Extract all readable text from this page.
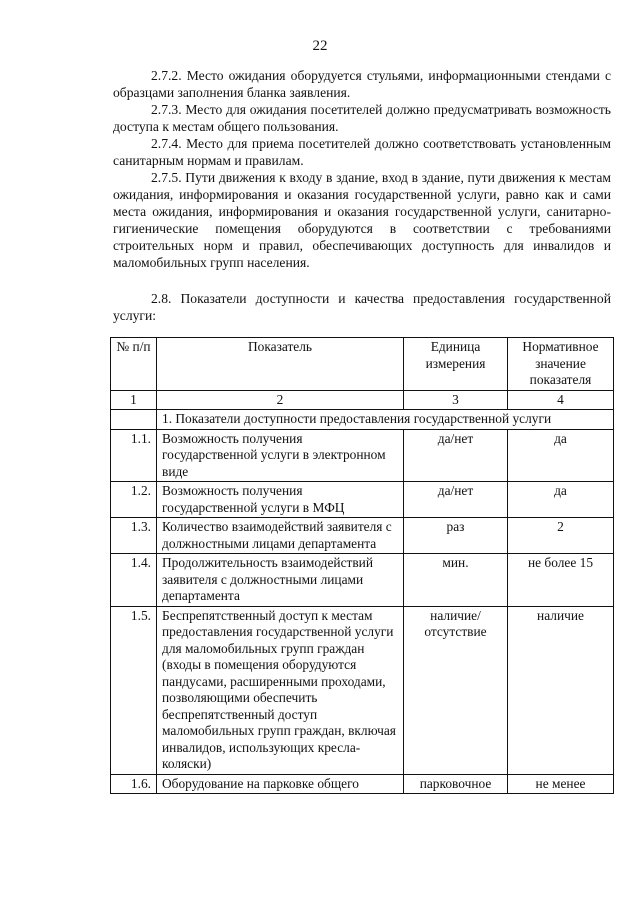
22

2.7.2. Место ожидания оборудуется стульями, информационными стендами с образцами заполнения бланка заявления.

2.7.3. Место для ожидания посетителей должно предусматривать возможность доступа к местам общего пользования.

2.7.4. Место для приема посетителей должно соответствовать установленным санитарным нормам и правилам.

2.7.5. Пути движения к входу в здание, вход в здание, пути движения к местам ожидания, информирования и оказания государственной услуги, равно как и сами места ожидания, информирования и оказания государственной услуги, санитарно-гигиенические помещения оборудуются в соответствии с требованиями строительных норм и правил, обеспечивающих доступность для инвалидов и маломобильных групп населения.

2.8. Показатели доступности и качества предоставления государственной услуги:

№ п/п	Показатель	Единица измерения	Нормативное значение показателя
1	2	3	4
	1. Показатели доступности предоставления государственной услуги		
1.1.	Возможность получения государственной услуги в электронном виде	да/нет	да
1.2.	Возможность получения государственной услуги в МФЦ	да/нет	да
1.3.	Количество взаимодействий заявителя с должностными лицами департамента	раз	2
1.4.	Продолжительность взаимодействий заявителя с должностными лицами департамента	мин.	не более 15
1.5.	Беспрепятственный доступ к местам предоставления государственной услуги для маломобильных групп граждан (входы в помещения оборудуются пандусами, расширенными проходами, позволяющими обеспечить беспрепятственный доступ маломобильных групп граждан, включая инвалидов, использующих кресла-коляски)	наличие/ отсутствие	наличие
1.6.	Оборудование на парковке общего	парковочное	не менее
